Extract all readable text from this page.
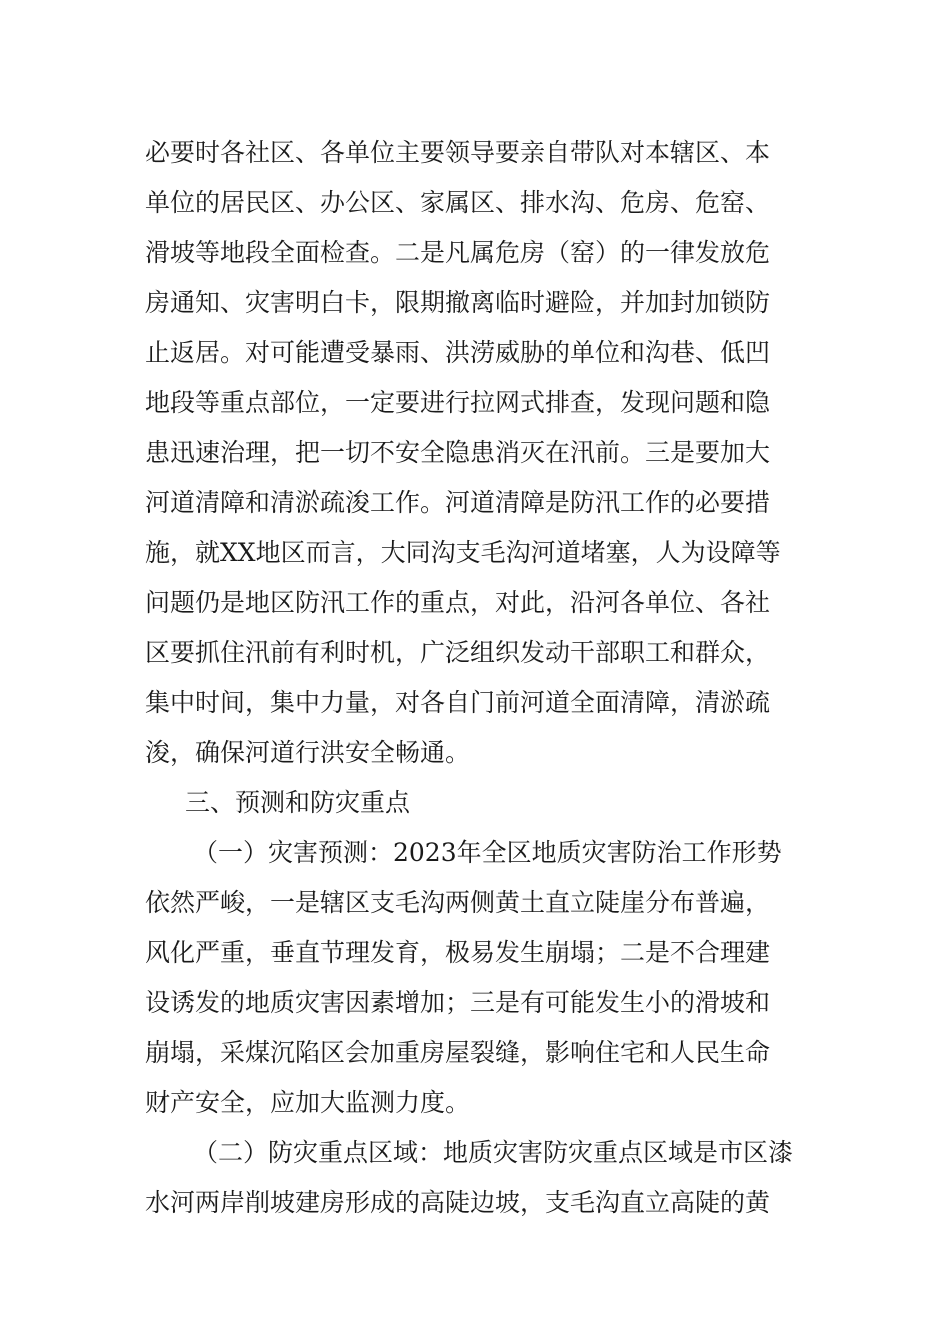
必要时各社区、各单位主要领导要亲自带队对本辖区、本
单位的居民区、办公区、家属区、排水沟、危房、危窑、
滑坡等地段全面检查。二是凡属危房（窑）的一律发放危
房通知、灾害明白卡，限期撤离临时避险，并加封加锁防
止返居。对可能遭受暴雨、洪涝威胁的单位和沟巷、低凹
地段等重点部位，一定要进行拉网式排查，发现问题和隐
患迅速治理，把一切不安全隐患消灭在汛前。三是要加大
河道清障和清淤疏浚工作。河道清障是防汛工作的必要措
施，就XX地区而言，大同沟支毛沟河道堵塞，人为设障等
问题仍是地区防汛工作的重点，对此，沿河各单位、各社
区要抓住汛前有利时机，广泛组织发动干部职工和群众，
集中时间，集中力量，对各自门前河道全面清障，清淤疏
浚，确保河道行洪安全畅通。
三、预测和防灾重点
（一）灾害预测：2023年全区地质灾害防治工作形势
依然严峻，一是辖区支毛沟两侧黄土直立陡崖分布普遍，
风化严重，垂直节理发育，极易发生崩塌；二是不合理建
设诱发的地质灾害因素增加；三是有可能发生小的滑坡和
崩塌，采煤沉陷区会加重房屋裂缝，影响住宅和人民生命
财产安全，应加大监测力度。
（二）防灾重点区域：地质灾害防灾重点区域是市区漆
水河两岸削坡建房形成的高陡边坡，支毛沟直立高陡的黄
